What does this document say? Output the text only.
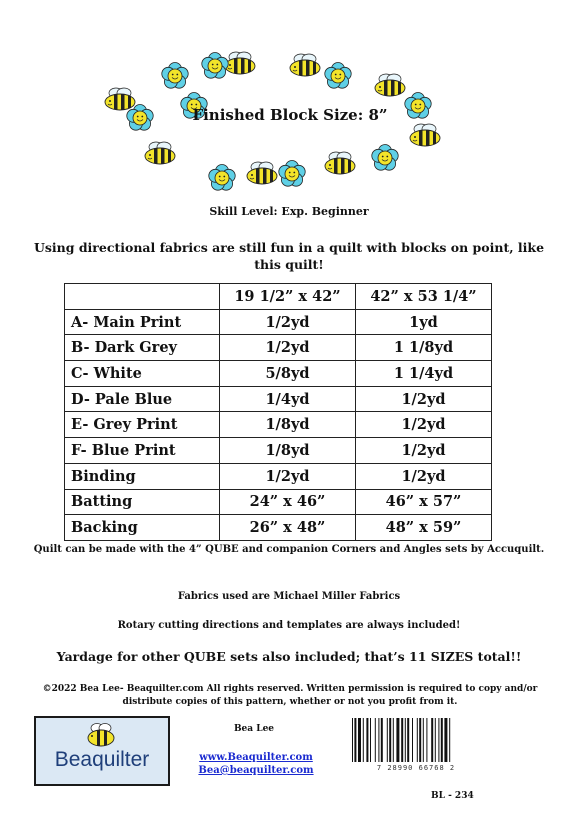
Finished Block Size: 8”
Skill Level: Exp. Beginner
Using directional fabrics are still fun in a quilt with blocks on point, like this quilt!
	19 1/2” x 42”	42” x 53 1/4”
A- Main Print	1/2yd	1yd
B- Dark Grey	1/2yd	1 1/8yd
C- White	5/8yd	1 1/4yd
D- Pale Blue	1/4yd	1/2yd
E- Grey Print	1/8yd	1/2yd
F- Blue Print	1/8yd	1/2yd
Binding	1/2yd	1/2yd
Batting	24” x 46”	46” x 57”
Backing	26” x 48”	48” x 59”
Quilt can be made with the 4” QUBE and companion Corners and Angles sets by Accuquilt.
Fabrics used are Michael Miller Fabrics
Rotary cutting directions and templates are always included!
Yardage for other QUBE sets also included; that’s 11 SIZES total!!
©2022 Bea Lee- Beaquilter.com All rights reserved. Written permission is required to copy and/or distribute copies of this pattern, whether or not you profit from it.
Beaquilter
Bea Lee
www.Beaquilter.com
Bea@beaquilter.com	7 28990 66768 2
BL - 234
